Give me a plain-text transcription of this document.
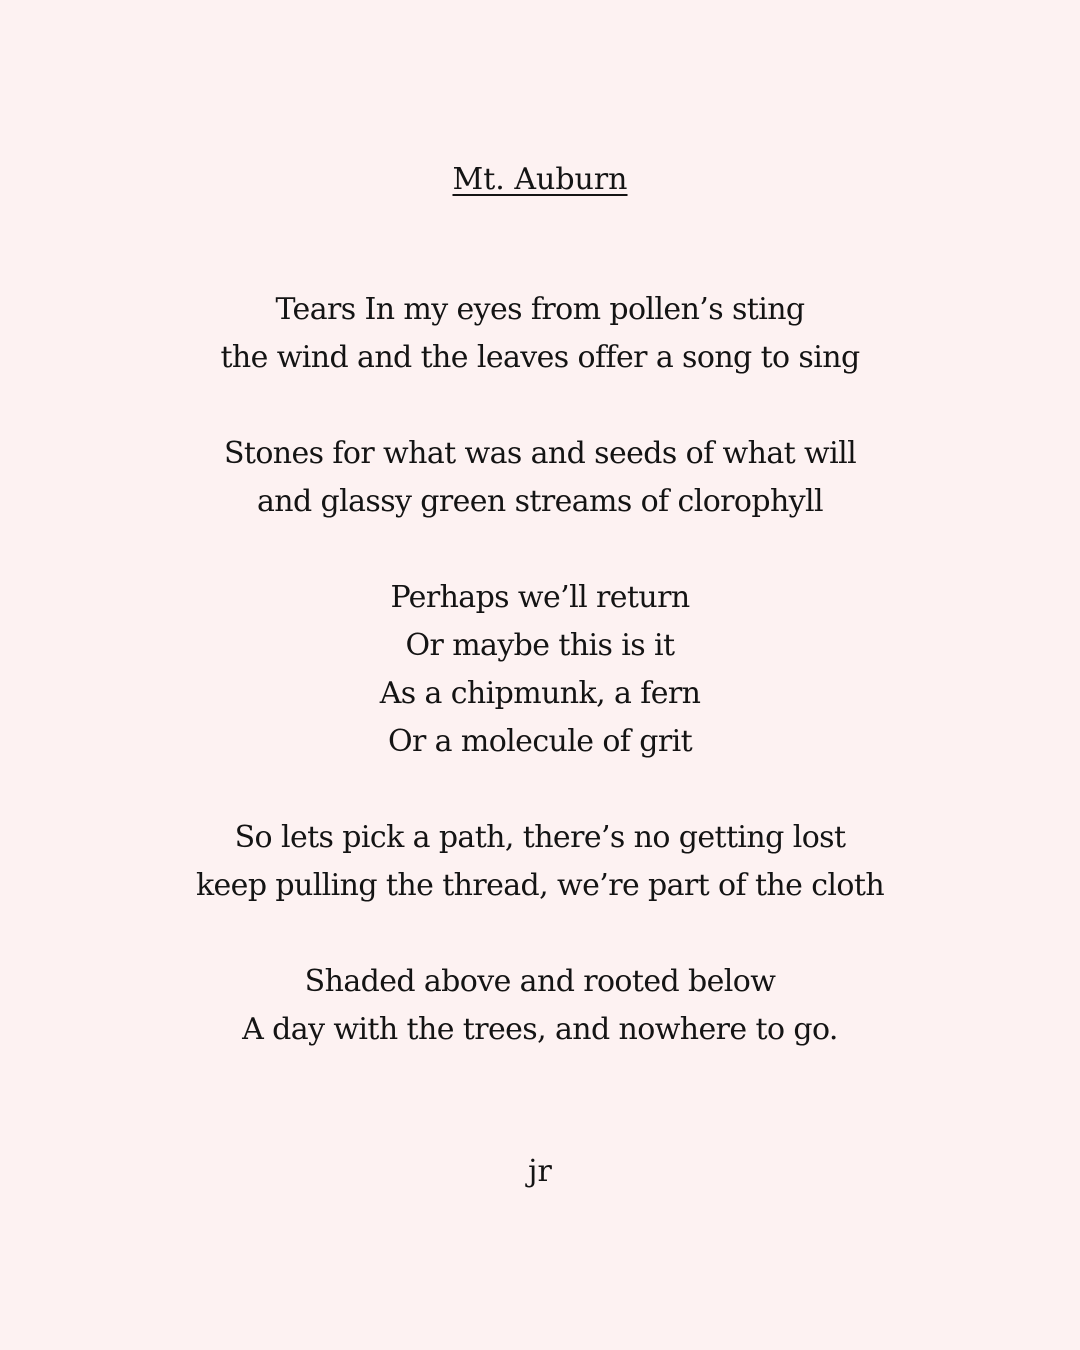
Mt. Auburn
Tears In my eyes from pollen’s sting
the wind and the leaves offer a song to sing
Stones for what was and seeds of what will
and glassy green streams of clorophyll
Perhaps we’ll return
Or maybe this is it
As a chipmunk, a fern
Or a molecule of grit
So lets pick a path, there’s no getting lost
keep pulling the thread, we’re part of the cloth
Shaded above and rooted below
A day with the trees, and nowhere to go.
jr
